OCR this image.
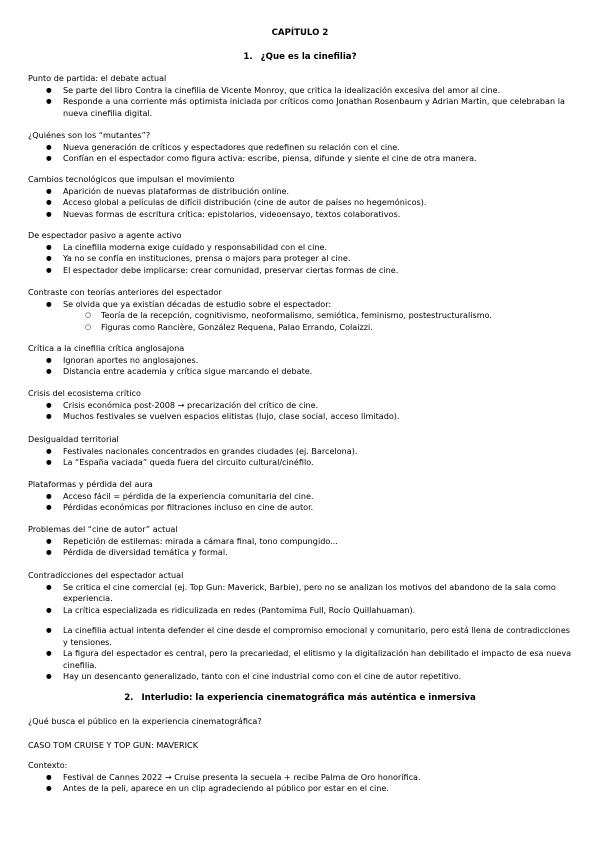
CAPÍTULO 2
1. ¿Que es la cinefilia?

Punto de partida: el debate actual

● Se parte del libro Contra la cinefilia de Vicente Monroy, que critica la idealización excesiva del amor al cine.
● Responde a una corriente más optimista iniciada por críticos como Jonathan Rosenbaum y Adrian Martin, que celebraban la nueva cinefilia digital.

¿Quiénes son los “mutantes”?

● Nueva generación de críticos y espectadores que redefinen su relación con el cine.
● Confían en el espectador como figura activa: escribe, piensa, difunde y siente el cine de otra manera.

Cambios tecnológicos que impulsan el movimiento

● Aparición de nuevas plataformas de distribución online.
● Acceso global a películas de difícil distribución (cine de autor de países no hegemónicos).
● Nuevas formas de escritura crítica: epistolarios, videoensayo, textos colaborativos.

De espectador pasivo a agente activo

● La cinefilia moderna exige cuidado y responsabilidad con el cine.
● Ya no se confía en instituciones, prensa o majors para proteger al cine.
● El espectador debe implicarse: crear comunidad, preservar ciertas formas de cine.

Contraste con teorías anteriores del espectador

● Se olvida que ya existían décadas de estudio sobre el espectador:
○ Teoría de la recepción, cognitivismo, neoformalismo, semiótica, feminismo, postestructuralismo.
○ Figuras como Rancière, González Requena, Palao Errando, Colaizzi.

Crítica a la cinefilia crítica anglosajona

● Ignoran aportes no anglosajones.
● Distancia entre academia y crítica sigue marcando el debate.

Crisis del ecosistema crítico

● Crisis económica post-2008 → precarización del crítico de cine.
● Muchos festivales se vuelven espacios elitistas (lujo, clase social, acceso limitado).

Desigualdad territorial

● Festivales nacionales concentrados en grandes ciudades (ej. Barcelona).
● La “España vaciada” queda fuera del circuito cultural/cinéfilo.

Plataformas y pérdida del aura

● Acceso fácil = pérdida de la experiencia comunitaria del cine.
● Pérdidas económicas por filtraciones incluso en cine de autor.

Problemas del “cine de autor” actual

● Repetición de estilemas: mirada a cámara final, tono compungido...
● Pérdida de diversidad temática y formal.

Contradicciones del espectador actual

● Se critica el cine comercial (ej. Top Gun: Maverick, Barbie), pero no se analizan los motivos del abandono de la sala como experiencia.
● La crítica especializada es ridiculizada en redes (Pantomima Full, Rocío Quillahuaman).
● La cinefilia actual intenta defender el cine desde el compromiso emocional y comunitario, pero está llena de contradicciones y tensiones.
● La figura del espectador es central, pero la precariedad, el elitismo y la digitalización han debilitado el impacto de esa nueva cinefilia.
● Hay un desencanto generalizado, tanto con el cine industrial como con el cine de autor repetitivo.
2. Interludio: la experiencia cinematográfica más auténtica e inmersiva
¿Qué busca el público en la experiencia cinematográfica?
CASO TOM CRUISE Y TOP GUN: MAVERICK

Contexto:

● Festival de Cannes 2022 → Cruise presenta la secuela + recibe Palma de Oro honorífica.
● Antes de la peli, aparece en un clip agradeciendo al público por estar en el cine.
